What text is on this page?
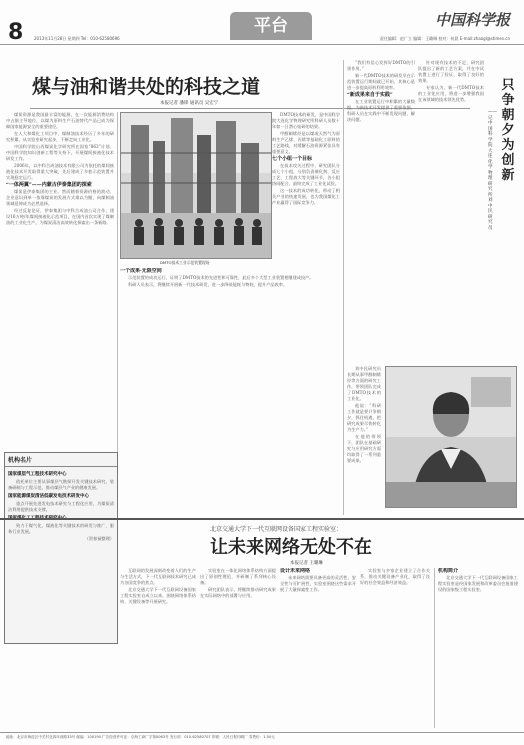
8	2013年11月28日 星期四 Tel：010-62580696
平台	中国科学报
责任编辑：赵广立 编辑：王璐琳 校对：何晨 E-mail:zhaogl@stimes.cn
煤与油和谐共处的科技之道
本报记者 潘锋 通讯员 吴宏宁

煤炭资源是我国最丰富的能源，在一次能源消费结构中占据主导地位，以煤为原料生产石油替代产品已成为保障国家能源安全的重要途径。

在人大和煤化工项目中，煤制油技术经历了多年的研究积累，从实验室研究起步，不断走向工业化。

中国科学院山西煤炭化学研究所在国家“863”计划、中国科学院知识创新工程等支持下，开展煤间接液化技术研发工作。

2006年，以中科合成油技术有限公司为依托的煤间接液化技术开发取得重大突破，先后建成了多套示范装置并实现稳定运行。

“一体两翼”——内蒙古伊泰集团的探索

煤炭是伊泰集团的主业。然而随着资源价格的波动，企业意识到单一依靠煤炭的发展方式难以为继，向煤制油领域延伸成为必然选择。

经过反复论证，伊泰集团与中科合成油公司合作，建设16万吨/年煤间接液化示范项目，在国内首次实现了煤制油的工业化生产，为煤炭清洁高效转化探索出一条新路。

DMTO技术工业示范装置现场

DMTO技术的研发，是中国科学院大连化学物理研究所科研人员数十年如一日潜心钻研的结果。

甲醇制烯烃是以煤或天然气为原料生产乙烯、丙烯等基础化工原料的工艺路线，对缓解石油资源紧张具有重要意义。

七个小组一个目标

在技术攻关过程中，研究团队分成七个小组，分别负责催化剂、反应工艺、工程放大等关键环节，各小组协同配合，最终完成了工业化试验。

这一技术的成功转化，带动了相关产业的快速发展，也为我国煤化工产业赢得了国际竞争力。

一个成果·无限空间

示范装置的成功运行，证明了DMTO技术的先进性和可靠性，此后多个大型工业装置相继建成投产。

科研人员表示，将继续开展新一代技术研发，进一步降低能耗与物耗，提升产品收率。

机构名片
国家煤层气工程技术研究中心

依托单位主要从事煤层气勘探开发关键技术研究、装备研制与工程示范，推动煤层气产业的健康发展。

国家能源煤炭清洁低碳发电技术研发中心

重点开展先进发电技术研究与工程化应用，为煤炭清洁利用提供技术支撑。

致力于煤气化、煤液化等关键技术的研发与推广，服务行业发展。

（贺春禄整理）

“我们有信心发挥好DMTO的引领作用。”

新一代DMTO技术的研发早在示范装置运行期间就已开始，其核心是进一步提高原料利用效率。

“新成果来自于实践”

在工业装置运行中积累的大量数据，为新技术开发提供了重要依据，科研人员在实践中不断发现问题、解决问题。

针对现有技术的不足，研究团队提出了新的工艺方案，并在中试装置上进行了验证，取得了良好的效果。

专家认为，新一代DMTO技术的工业化应用，将进一步增强我国在该领域的技术领先优势。

只
争
朝
夕
为
创
新
——记中国科学院大连化学物理研究所刘中民研究员

刘中民研究员长期从事甲醇制烯烃等方面的研究工作，带领团队完成了DMTO技术的工业化。

他说：“科研工作就是要只争朝夕，抓住机遇，把研究成果尽快转化为生产力。”

在他的带领下，团队在基础研究与应用研究方面均取得了一系列重要成果。

北京交通大学下一代互联网设备国家工程实验室：
让未来网络无处不在
本报记者 王璐琳

互联网的发展深刻改变着人们的生产与生活方式，下一代互联网技术研究已成为各国竞争的焦点。

北京交通大学下一代互联网设备国家工程实验室自成立以来，围绕网络体系结构、关键设备等开展研究。

实验室在一体化网络体系结构方面提出了原创性理论，并研制了系列核心设备。

研究团队表示，将继续推动研究成果在实际网络中的部署与应用。

设计未来网络

未来网络需要具备更高的灵活性、安全性与可扩展性，实验室围绕这些需求开展了大量探索性工作。

实验室与多家企业建立了合作关系，推动关键设备产业化，取得了良好的社会效益和经济效益。

机构简介

北京交通大学下一代互联网设备国家工程实验室是经国家发展和改革委员会批准建设的国家级工程实验室。

地址：北京市海淀区中关村北四环西路33号 邮编：100190 广告经营许可证：京海工商广字第0063号 发行部：010-62580707 印刷：人民日报印刷厂 零售价：1.50元
